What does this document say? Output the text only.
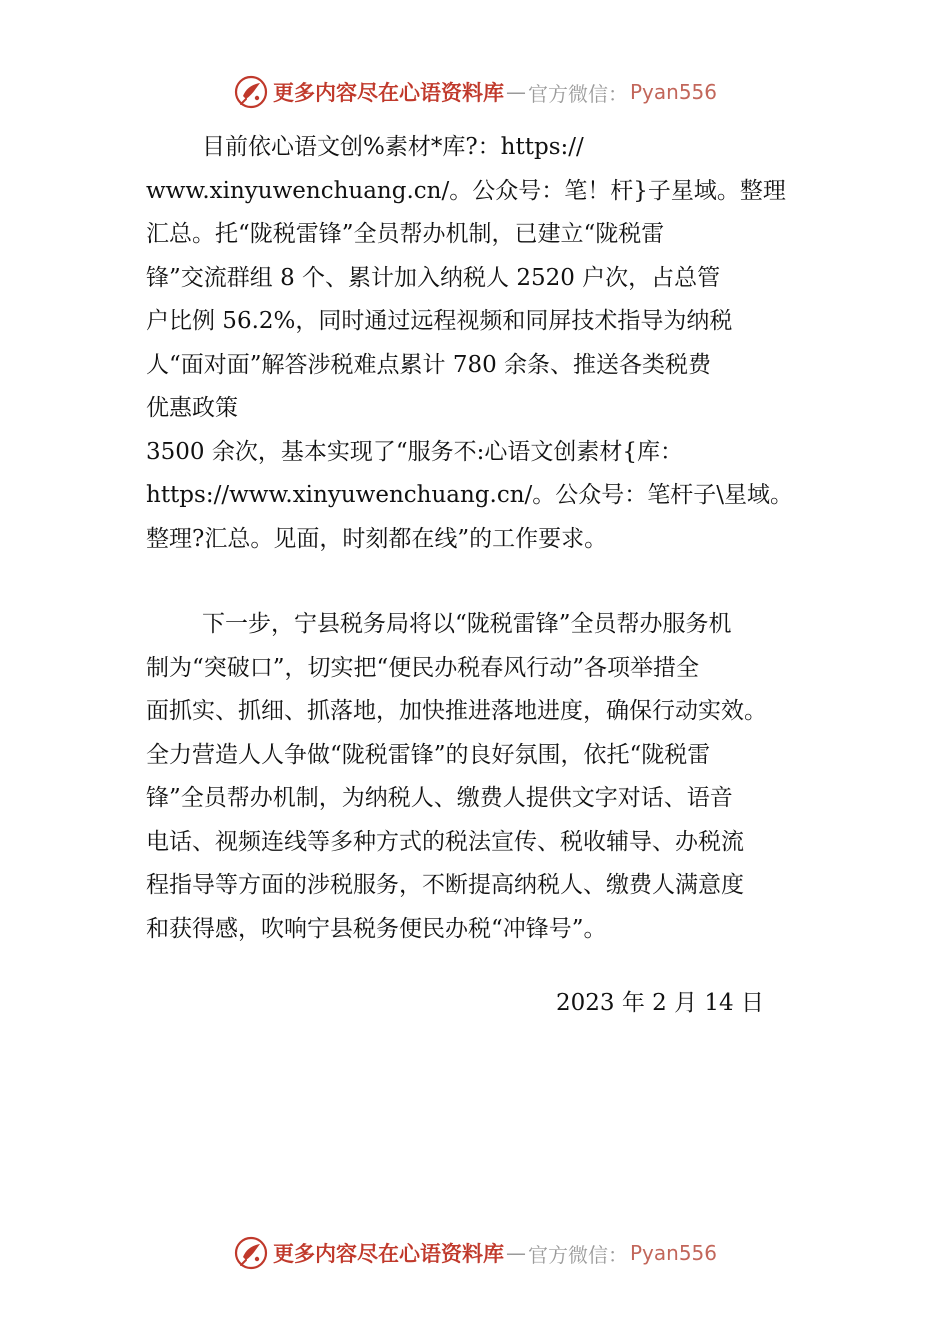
更多内容尽在心语资料库 — 官方微信： Pyan556
目前依心语文创%素材*库?：https://
www.xinyuwenchuang.cn/。公众号：笔！杆}子星域。整理
汇总。托“陇税雷锋”全员帮办机制，已建立“陇税雷
锋”交流群组 8 个、累计加入纳税人 2520 户次，占总管
户比例 56.2%，同时通过远程视频和同屏技术指导为纳税
人“面对面”解答涉税难点累计 780 余条、推送各类税费
优惠政策
3500 余次，基本实现了“服务不:心语文创素材{库：
https://www.xinyuwenchuang.cn/。公众号：笔杆子\星域。
整理?汇总。见面，时刻都在线”的工作要求。
下一步，宁县税务局将以“陇税雷锋”全员帮办服务机
制为“突破口”，切实把“便民办税春风行动”各项举措全
面抓实、抓细、抓落地，加快推进落地进度，确保行动实效。
全力营造人人争做“陇税雷锋”的良好氛围，依托“陇税雷
锋”全员帮办机制，为纳税人、缴费人提供文字对话、语音
电话、视频连线等多种方式的税法宣传、税收辅导、办税流
程指导等方面的涉税服务，不断提高纳税人、缴费人满意度
和获得感，吹响宁县税务便民办税“冲锋号”。
2023 年 2 月 14 日
更多内容尽在心语资料库 — 官方微信： Pyan556
